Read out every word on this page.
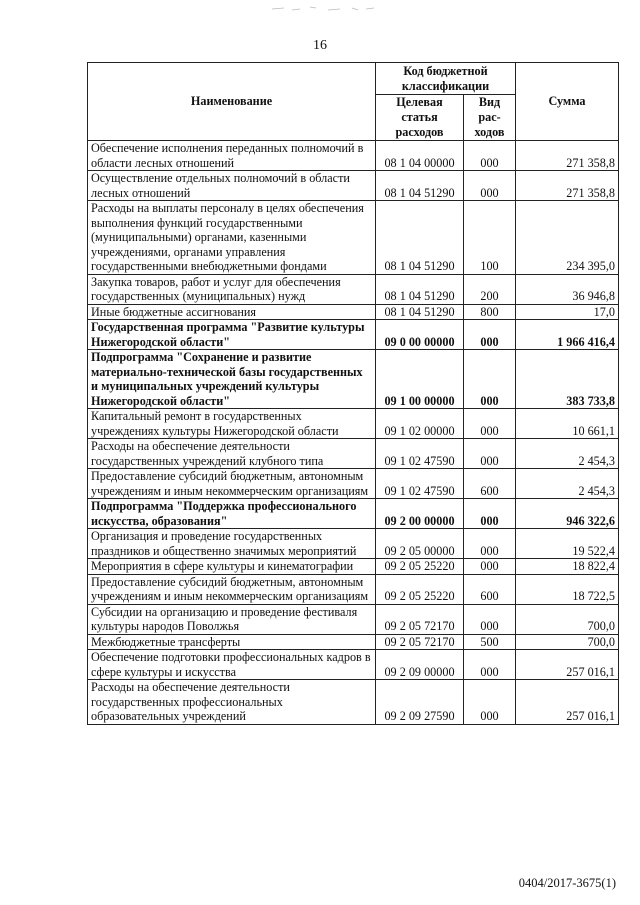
16
Наименование	Код бюджетной классификации		Сумма
	Целевая статья расходов	Вид рас-ходов	
Обеспечение исполнения переданных полномочий в области лесных отношений	08 1 04 00000	000	271 358,8
Осуществление отдельных полномочий в области лесных отношений	08 1 04 51290	000	271 358,8
Расходы на выплаты персоналу в целях обеспечения выполнения функций государственными (муниципальными) органами, казенными учреждениями, органами управления государственными внебюджетными фондами	08 1 04 51290	100	234 395,0
Закупка товаров, работ и услуг для обеспечения государственных (муниципальных) нужд	08 1 04 51290	200	36 946,8
Иные бюджетные ассигнования	08 1 04 51290	800	17,0
Государственная программа "Развитие культуры Нижегородской области"	09 0 00 00000	000	1 966 416,4
Подпрограмма "Сохранение и развитие материально-технической базы государственных и муниципальных учреждений культуры Нижегородской области"	09 1 00 00000	000	383 733,8
Капитальный ремонт в государственных учреждениях культуры Нижегородской области	09 1 02 00000	000	10 661,1
Расходы на обеспечение деятельности государственных учреждений клубного типа	09 1 02 47590	000	2 454,3
Предоставление субсидий бюджетным, автономным учреждениям и иным некоммерческим организациям	09 1 02 47590	600	2 454,3
Подпрограмма "Поддержка профессионального искусства, образования"	09 2 00 00000	000	946 322,6
Организация и проведение государственных праздников и общественно значимых мероприятий	09 2 05 00000	000	19 522,4
Мероприятия в сфере культуры и кинематографии	09 2 05 25220	000	18 822,4
Предоставление субсидий бюджетным, автономным учреждениям и иным некоммерческим организациям	09 2 05 25220	600	18 722,5
Субсидии на организацию и проведение фестиваля культуры народов Поволжья	09 2 05 72170	000	700,0
Межбюджетные трансферты	09 2 05 72170	500	700,0
Обеспечение подготовки профессиональных кадров в сфере культуры и искусства	09 2 09 00000	000	257 016,1
Расходы на обеспечение деятельности государственных профессиональных образовательных учреждений	09 2 09 27590	000	257 016,1
0404/2017-3675(1)
